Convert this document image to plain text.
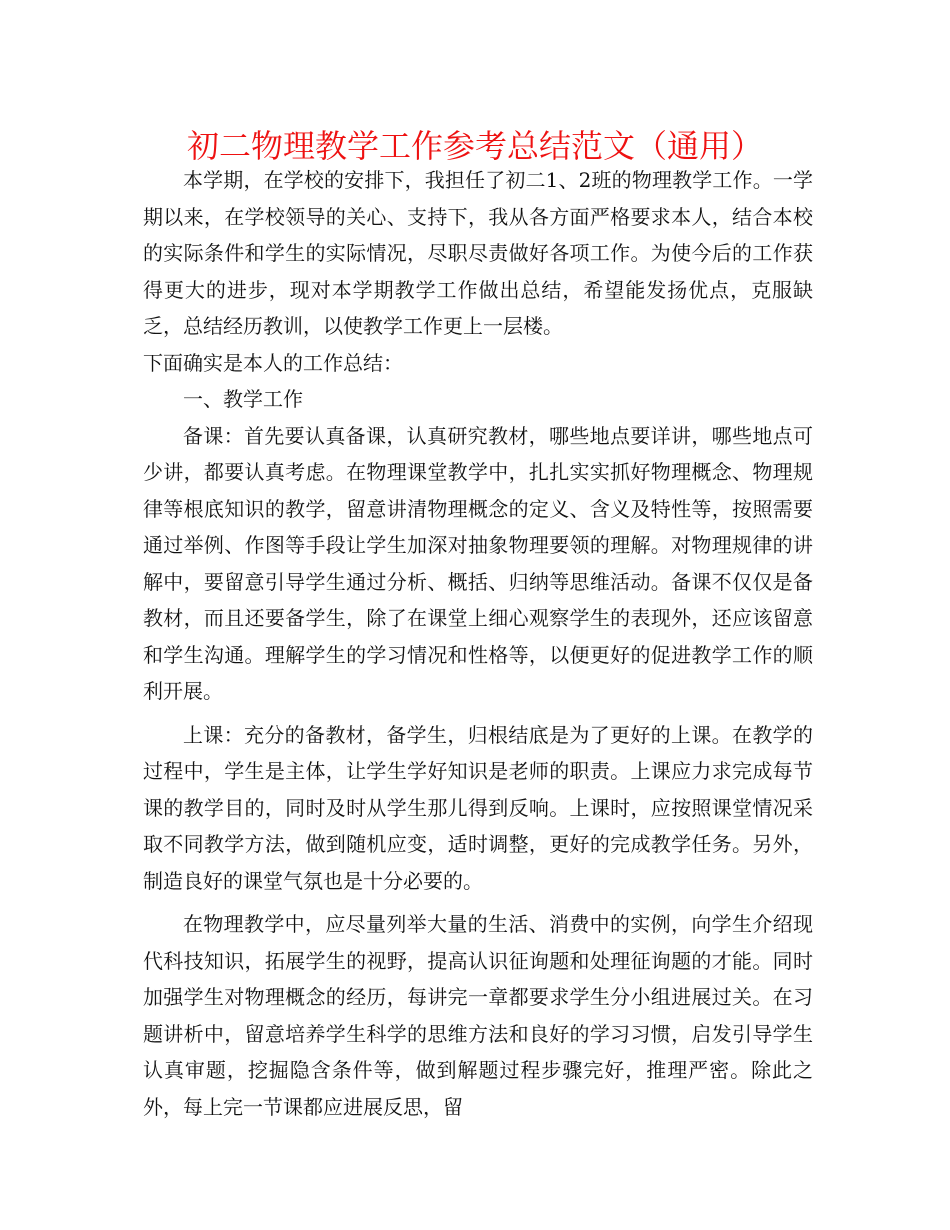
初二物理教学工作参考总结范文（通用）

本学期，在学校的安排下，我担任了初二1、2班的物理教学工作。一学期以来，在学校领导的关心、支持下，我从各方面严格要求本人，结合本校的实际条件和学生的实际情况，尽职尽责做好各项工作。为使今后的工作获得更大的进步，现对本学期教学工作做出总结，希望能发扬优点，克服缺乏，总结经历教训，以使教学工作更上一层楼。

下面确实是本人的工作总结：

一、教学工作

备课：首先要认真备课，认真研究教材，哪些地点要详讲，哪些地点可少讲，都要认真考虑。在物理课堂教学中，扎扎实实抓好物理概念、物理规律等根底知识的教学，留意讲清物理概念的定义、含义及特性等，按照需要通过举例、作图等手段让学生加深对抽象物理要领的理解。对物理规律的讲解中，要留意引导学生通过分析、概括、归纳等思维活动。备课不仅仅是备教材，而且还要备学生，除了在课堂上细心观察学生的表现外，还应该留意和学生沟通。理解学生的学习情况和性格等，以便更好的促进教学工作的顺利开展。

上课：充分的备教材，备学生，归根结底是为了更好的上课。在教学的过程中，学生是主体，让学生学好知识是老师的职责。上课应力求完成每节课的教学目的，同时及时从学生那儿得到反响。上课时，应按照课堂情况采取不同教学方法，做到随机应变，适时调整，更好的完成教学任务。另外，制造良好的课堂气氛也是十分必要的。

在物理教学中，应尽量列举大量的生活、消费中的实例，向学生介绍现代科技知识，拓展学生的视野，提高认识征询题和处理征询题的才能。同时加强学生对物理概念的经历，每讲完一章都要求学生分小组进展过关。在习题讲析中，留意培养学生科学的思维方法和良好的学习习惯，启发引导学生认真审题，挖掘隐含条件等，做到解题过程步骤完好，推理严密。除此之外，每上完一节课都应进展反思，留
